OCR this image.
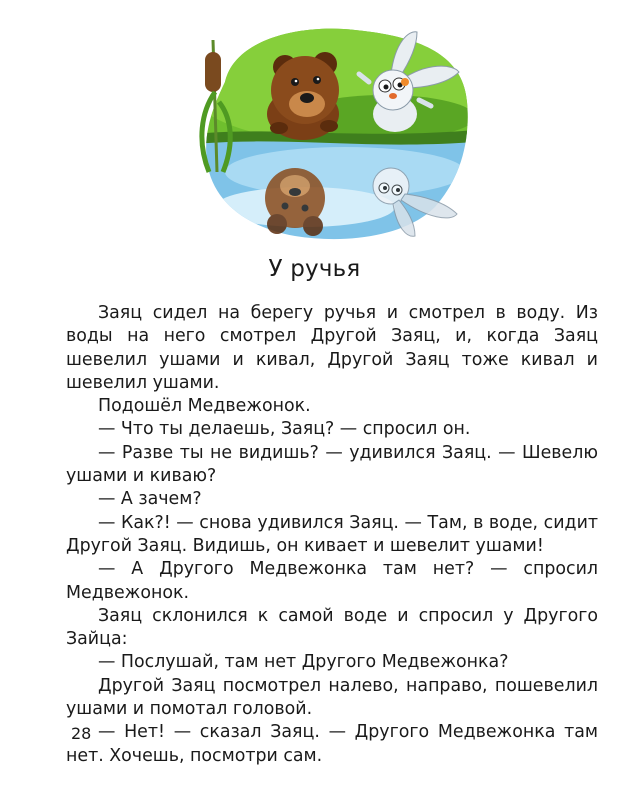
У ручья

Заяц сидел на берегу ручья и смотрел в воду. Из воды на него смотрел Другой Заяц, и, когда Заяц шевелил ушами и кивал, Другой Заяц тоже кивал и шевелил ушами.

Подошёл Медвежонок.

— Что ты делаешь, Заяц? — спросил он.

— Разве ты не видишь? — удивился Заяц. — Шевелю ушами и киваю?

— А зачем?

— Как?! — снова удивился Заяц. — Там, в воде, сидит Другой Заяц. Видишь, он кивает и шевелит ушами!

— А Другого Медвежонка там нет? — спросил Медвежонок.

Заяц склонился к самой воде и спросил у Другого Зайца:

— Послушай, там нет Другого Медвежонка?

Другой Заяц посмотрел налево, направо, пошевелил ушами и помотал головой.

— Нет! — сказал Заяц. — Другого Медвежонка там нет. Хочешь, посмотри сам.

28
